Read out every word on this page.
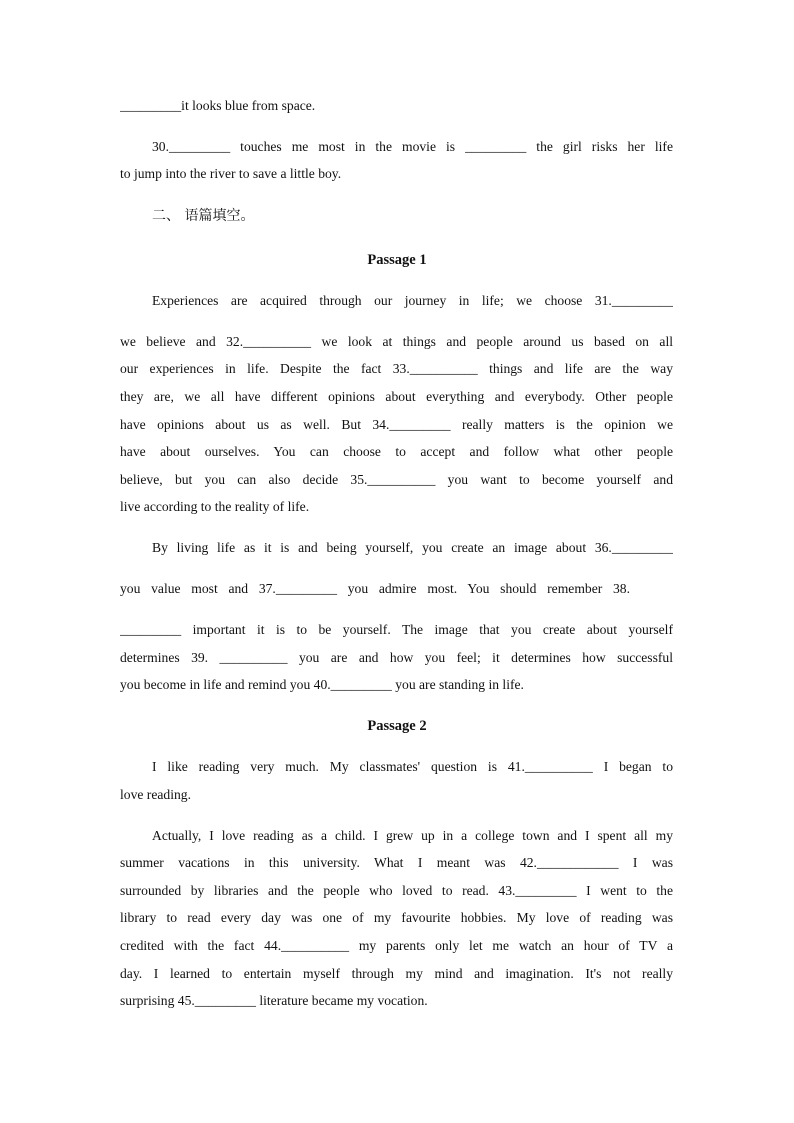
_________it looks blue from space.
30._________ touches me most in the movie is _________ the girl risks her life
to jump into the river to save a little boy.
二、 语篇填空。
Passage 1
Experiences are acquired through our journey in life; we choose 31._________
we believe and 32.__________ we look at things and people around us based on all
our experiences in life. Despite the fact 33.__________ things and life are the way
they are, we all have different opinions about everything and everybody. Other people
have opinions about us as well. But 34._________ really matters is the opinion we
have about ourselves. You can choose to accept and follow what other people
believe, but you can also decide 35.__________ you want to become yourself and
live according to the reality of life.
By living life as it is and being yourself, you create an image about 36._________
you value most and 37._________ you admire most. You should remember 38.
_________ important it is to be yourself. The image that you create about yourself
determines 39. __________ you are and how you feel; it determines how successful
you become in life and remind you 40._________ you are standing in life.
Passage 2
I like reading very much. My classmates' question is 41.__________ I began to
love reading.
Actually, I love reading as a child. I grew up in a college town and I spent all my
summer vacations in this university. What I meant was 42.____________ I was
surrounded by libraries and the people who loved to read. 43._________ I went to the
library to read every day was one of my favourite hobbies. My love of reading was
credited with the fact 44.__________ my parents only let me watch an hour of TV a
day. I learned to entertain myself through my mind and imagination. It's not really
surprising 45._________ literature became my vocation.
